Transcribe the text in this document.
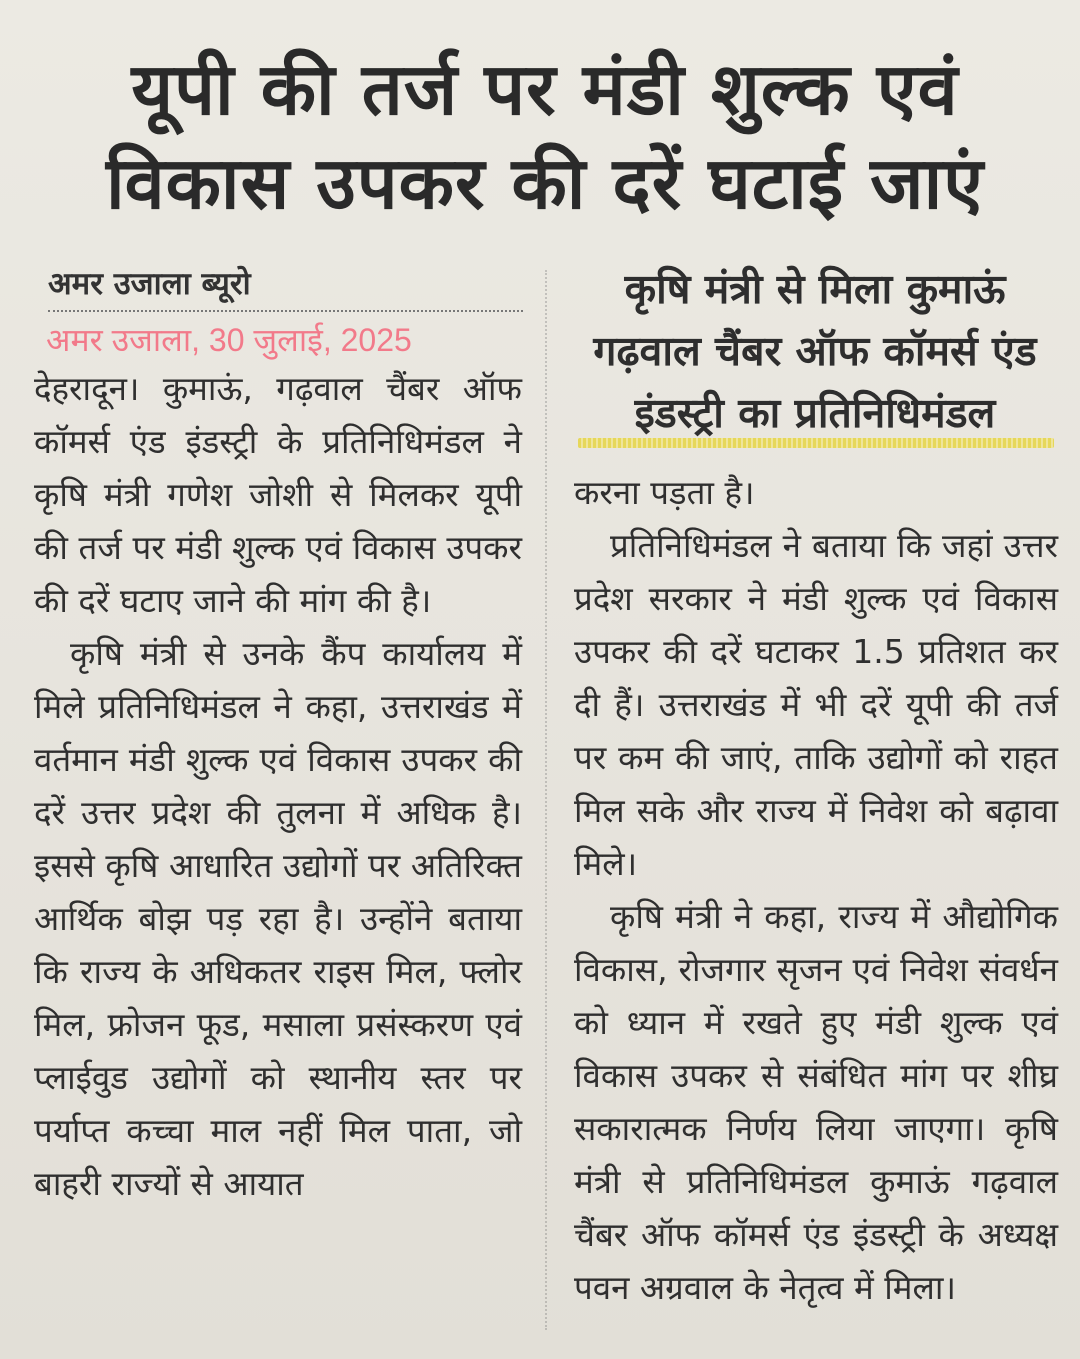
यूपी की तर्ज पर मंडी शुल्क एवं
विकास उपकर की दरें घटाई जाएं
अमर उजाला ब्यूरो
अमर उजाला, 30 जुलाई, 2025

देहरादून। कुमाऊं, गढ़वाल चैंबर ऑफ कॉमर्स एंड इंडस्ट्री के प्रतिनिधिमंडल ने कृषि मंत्री गणेश जोशी से मिलकर यूपी की तर्ज पर मंडी शुल्क एवं विकास उपकर की दरें घटाए जाने की मांग की है।

कृषि मंत्री से उनके कैंप कार्यालय में मिले प्रतिनिधिमंडल ने कहा, उत्तराखंड में वर्तमान मंडी शुल्क एवं विकास उपकर की दरें उत्तर प्रदेश की तुलना में अधिक है। इससे कृषि आधारित उद्योगों पर अतिरिक्त आर्थिक बोझ पड़ रहा है। उन्होंने बताया कि राज्य के अधिकतर राइस मिल, फ्लोर मिल, फ्रोजन फूड, मसाला प्रसंस्करण एवं प्लाईवुड उद्योगों को स्थानीय स्तर पर पर्याप्त कच्चा माल नहीं मिल पाता, जो बाहरी राज्यों से आयात

कृषि मंत्री से मिला कुमाऊं गढ़वाल चैंबर ऑफ कॉमर्स एंड इंडस्ट्री का प्रतिनिधिमंडल

करना पड़ता है।

प्रतिनिधिमंडल ने बताया कि जहां उत्तर प्रदेश सरकार ने मंडी शुल्क एवं विकास उपकर की दरें घटाकर 1.5 प्रतिशत कर दी हैं। उत्तराखंड में भी दरें यूपी की तर्ज पर कम की जाएं, ताकि उद्योगों को राहत मिल सके और राज्य में निवेश को बढ़ावा मिले।

कृषि मंत्री ने कहा, राज्य में औद्योगिक विकास, रोजगार सृजन एवं निवेश संवर्धन को ध्यान में रखते हुए मंडी शुल्क एवं विकास उपकर से संबंधित मांग पर शीघ्र सकारात्मक निर्णय लिया जाएगा। कृषि मंत्री से प्रतिनिधिमंडल कुमाऊं गढ़वाल चैंबर ऑफ कॉमर्स एंड इंडस्ट्री के अध्यक्ष पवन अग्रवाल के नेतृत्व में मिला।
